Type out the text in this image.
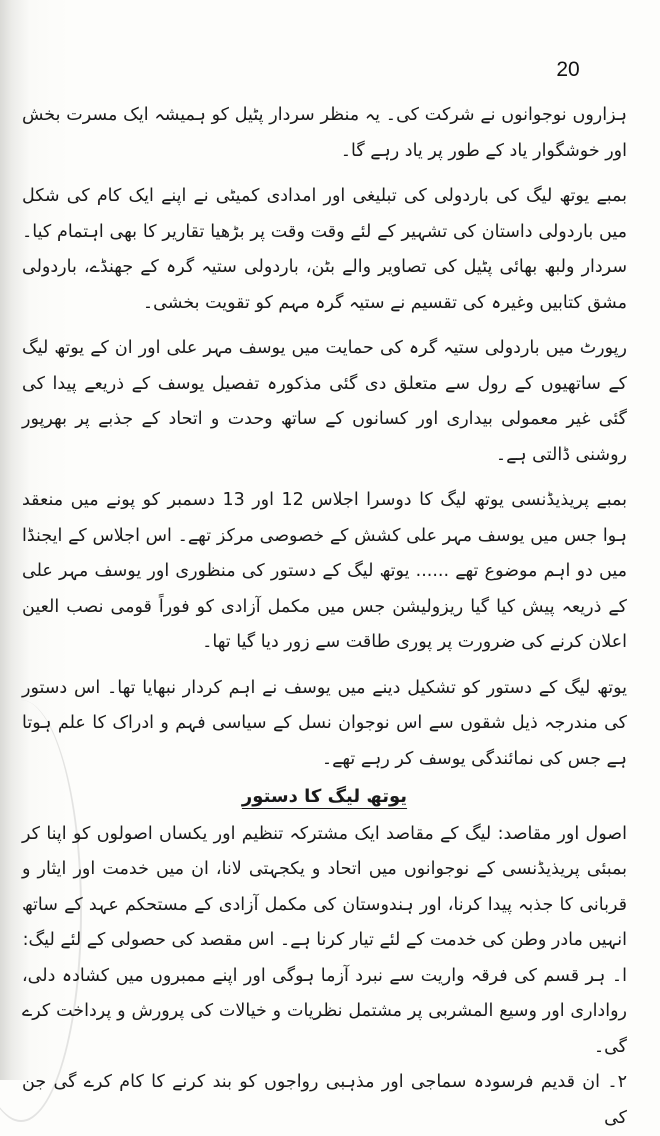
20

ہزاروں نوجوانوں نے شرکت کی۔ یہ منظر سردار پٹیل کو ہمیشہ ایک مسرت بخش اور خوشگوار یاد کے طور پر یاد رہے گا۔

بمبے یوتھ لیگ کی باردولی کی تبلیغی اور امدادی کمیٹی نے اپنے ایک کام کی شکل میں باردولی داستان کی تشہیر کے لئے وقت وقت پر بڑھیا تقاریر کا بھی اہتمام کیا۔ سردار ولبھ بھائی پٹیل کی تصاویر والے بٹن، باردولی ستیہ گرہ کے جھنڈے، باردولی مشق کتابیں وغیرہ کی تقسیم نے ستیہ گرہ مہم کو تقویت بخشی۔

رپورٹ میں باردولی ستیہ گرہ کی حمایت میں یوسف مہر علی اور ان کے یوتھ لیگ کے ساتھیوں کے رول سے متعلق دی گئی مذکورہ تفصیل یوسف کے ذریعے پیدا کی گئی غیر معمولی بیداری اور کسانوں کے ساتھ وحدت و اتحاد کے جذبے پر بھرپور روشنی ڈالتی ہے۔

بمبے پریذیڈنسی یوتھ لیگ کا دوسرا اجلاس 12 اور 13 دسمبر کو پونے میں منعقد ہوا جس میں یوسف مہر علی کشش کے خصوصی مرکز تھے۔ اس اجلاس کے ایجنڈا میں دو اہم موضوع تھے ...... یوتھ لیگ کے دستور کی منظوری اور یوسف مہر علی کے ذریعہ پیش کیا گیا ریزولیشن جس میں مکمل آزادی کو فوراً قومی نصب العین اعلان کرنے کی ضرورت پر پوری طاقت سے زور دیا گیا تھا۔

یوتھ لیگ کے دستور کو تشکیل دینے میں یوسف نے اہم کردار نبھایا تھا۔ اس دستور کی مندرجہ ذیل شقوں سے اس نوجوان نسل کے سیاسی فہم و ادراک کا علم ہوتا ہے جس کی نمائندگی یوسف کر رہے تھے۔

یوتھ لیگ کا دستور

اصول اور مقاصد: لیگ کے مقاصد ایک مشترکہ تنظیم اور یکساں اصولوں کو اپنا کر بمبئی پریذیڈنسی کے نوجوانوں میں اتحاد و یکجہتی لانا، ان میں خدمت اور ایثار و قربانی کا جذبہ پیدا کرنا، اور ہندوستان کی مکمل آزادی کے مستحکم عہد کے ساتھ انہیں مادر وطن کی خدمت کے لئے تیار کرنا ہے۔ اس مقصد کی حصولی کے لئے لیگ:

ا۔ ہر قسم کی فرقہ واریت سے نبرد آزما ہوگی اور اپنے ممبروں میں کشادہ دلی، رواداری اور وسیع المشربی پر مشتمل نظریات و خیالات کی پرورش و پرداخت کرے گی۔

۲۔ ان قدیم فرسودہ سماجی اور مذہبی رواجوں کو بند کرنے کا کام کرے گی جن کی
